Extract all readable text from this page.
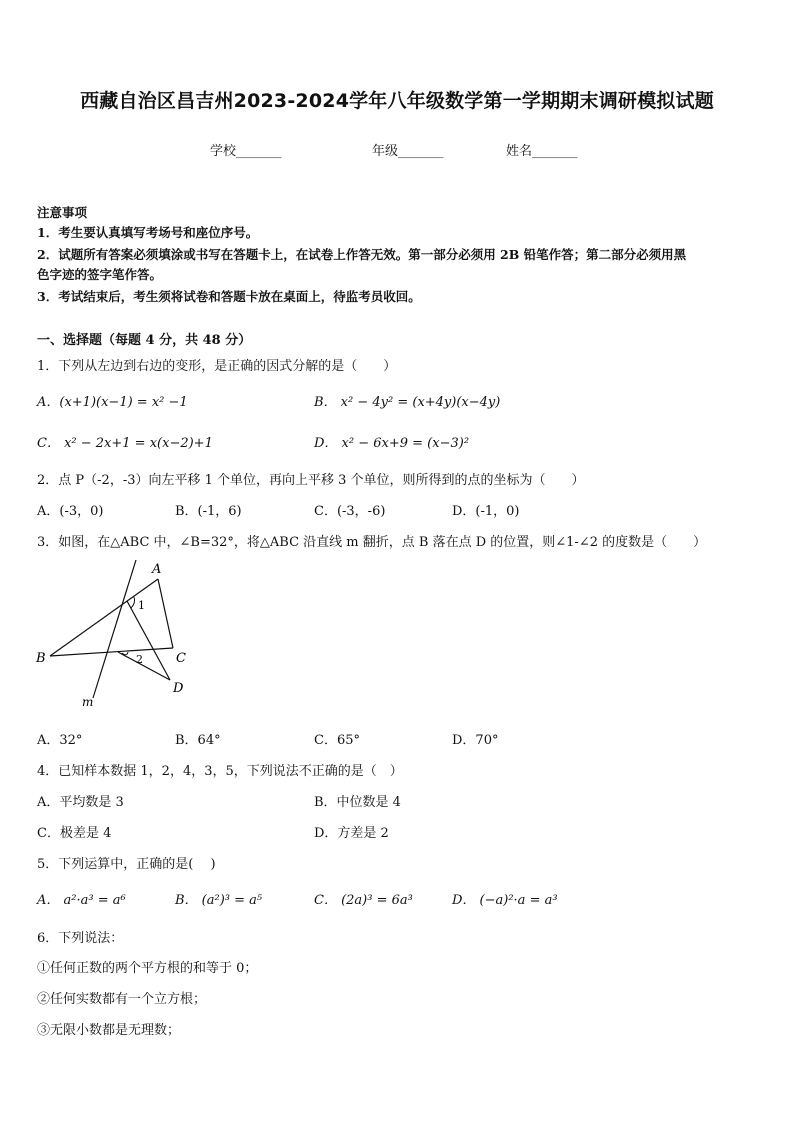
西藏自治区昌吉州2023-2024学年八年级数学第一学期期末调研模拟试题
学校_______	年级_______	姓名_______
注意事项
1．考生要认真填写考场号和座位序号。
2．试题所有答案必须填涂或书写在答题卡上，在试卷上作答无效。第一部分必须用 2B 铅笔作答；第二部分必须用黑
色字迹的签字笔作答。
3．考试结束后，考生须将试卷和答题卡放在桌面上，待监考员收回。
一、选择题（每题 4 分，共 48 分）
1．下列从左边到右边的变形，是正确的因式分解的是（　　）
A．(x+1)(x−1) = x² −1	B． x² − 4y² = (x+4y)(x−4y)
C． x² − 2x+1 = x(x−2)+1	D． x² − 6x+9 = (x−3)²
2．点 P（-2，-3）向左平移 1 个单位，再向上平移 3 个单位，则所得到的点的坐标为（　　）
A．(-3，0)	B．(-1，6)	C．(-3，-6)	D．(-1，0)
3．如图，在△ABC 中，∠B=32°，将△ABC 沿直线 m 翻折，点 B 落在点 D 的位置，则∠1-∠2 的度数是（　　）
A
B	C
D
m
1
2
A．32°	B．64°	C．65°	D．70°
4．已知样本数据 1，2，4，3，5，下列说法不正确的是（　）
A．平均数是 3	B．中位数是 4
C．极差是 4	D．方差是 2
5．下列运算中，正确的是(　 )
A． a²·a³ = a⁶	B． (a²)³ = a⁵	C． (2a)³ = 6a³	D． (−a)²·a = a³
6．下列说法：
①任何正数的两个平方根的和等于 0；
②任何实数都有一个立方根；
③无限小数都是无理数；
